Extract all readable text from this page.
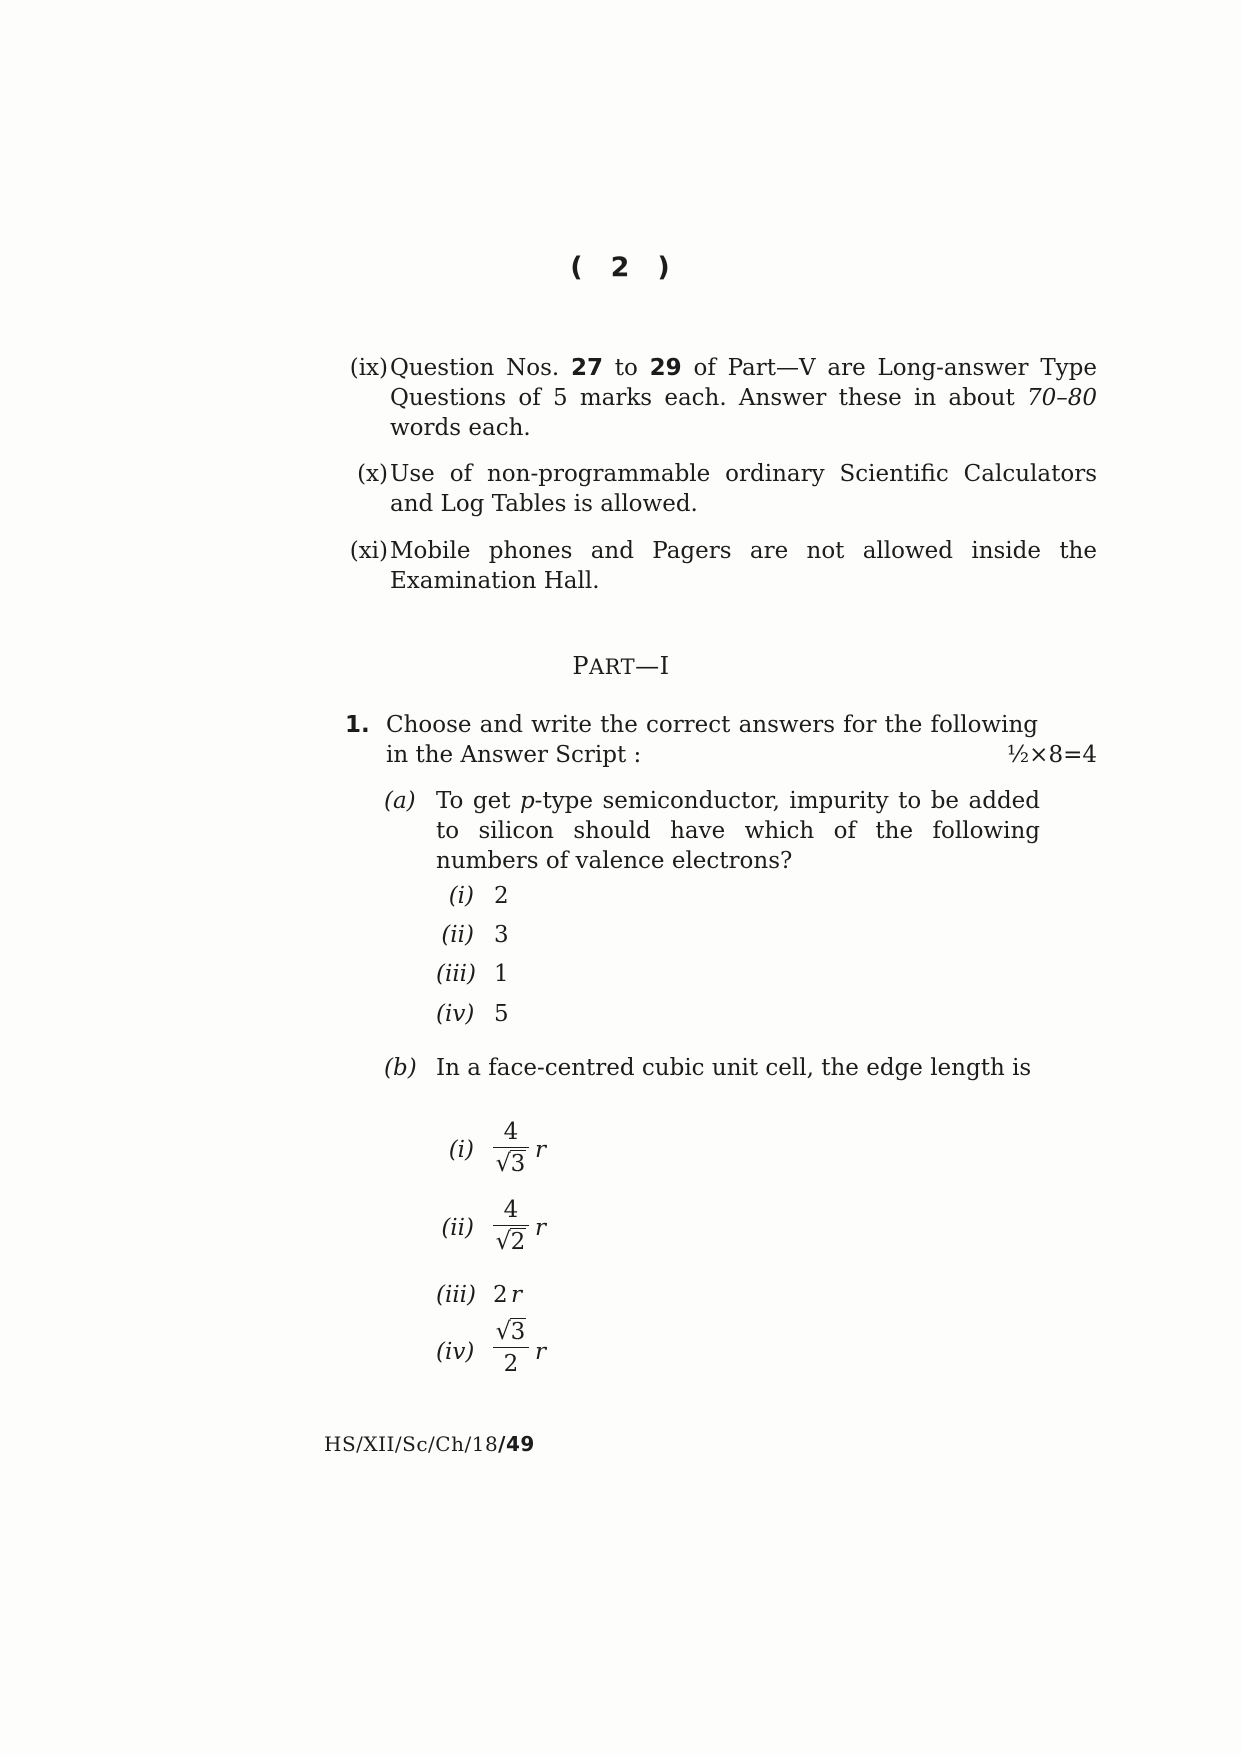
( 2 )
(ix) Question Nos. 27 to 29 of Part—V are Long-answer Type Questions of 5 marks each. Answer these in about 70–80 words each.
(x) Use of non-programmable ordinary Scientific Calculators and Log Tables is allowed.
(xi) Mobile phones and Pagers are not allowed inside the Examination Hall.
PART—I
1. Choose and write the correct answers for the following in the Answer Script :	½×8=4
(a) To get p-type semiconductor, impurity to be added to silicon should have which of the following numbers of valence electrons?
(i) 2
(ii) 3
(iii) 1
(iv) 5
(b) In a face-centred cubic unit cell, the edge length is
(i)
4
√ 3
r
(ii)
4
√ 2
r
(iii) 2 r
(iv)
√ 3
2 r
HS/XII/Sc/Ch/18/49
